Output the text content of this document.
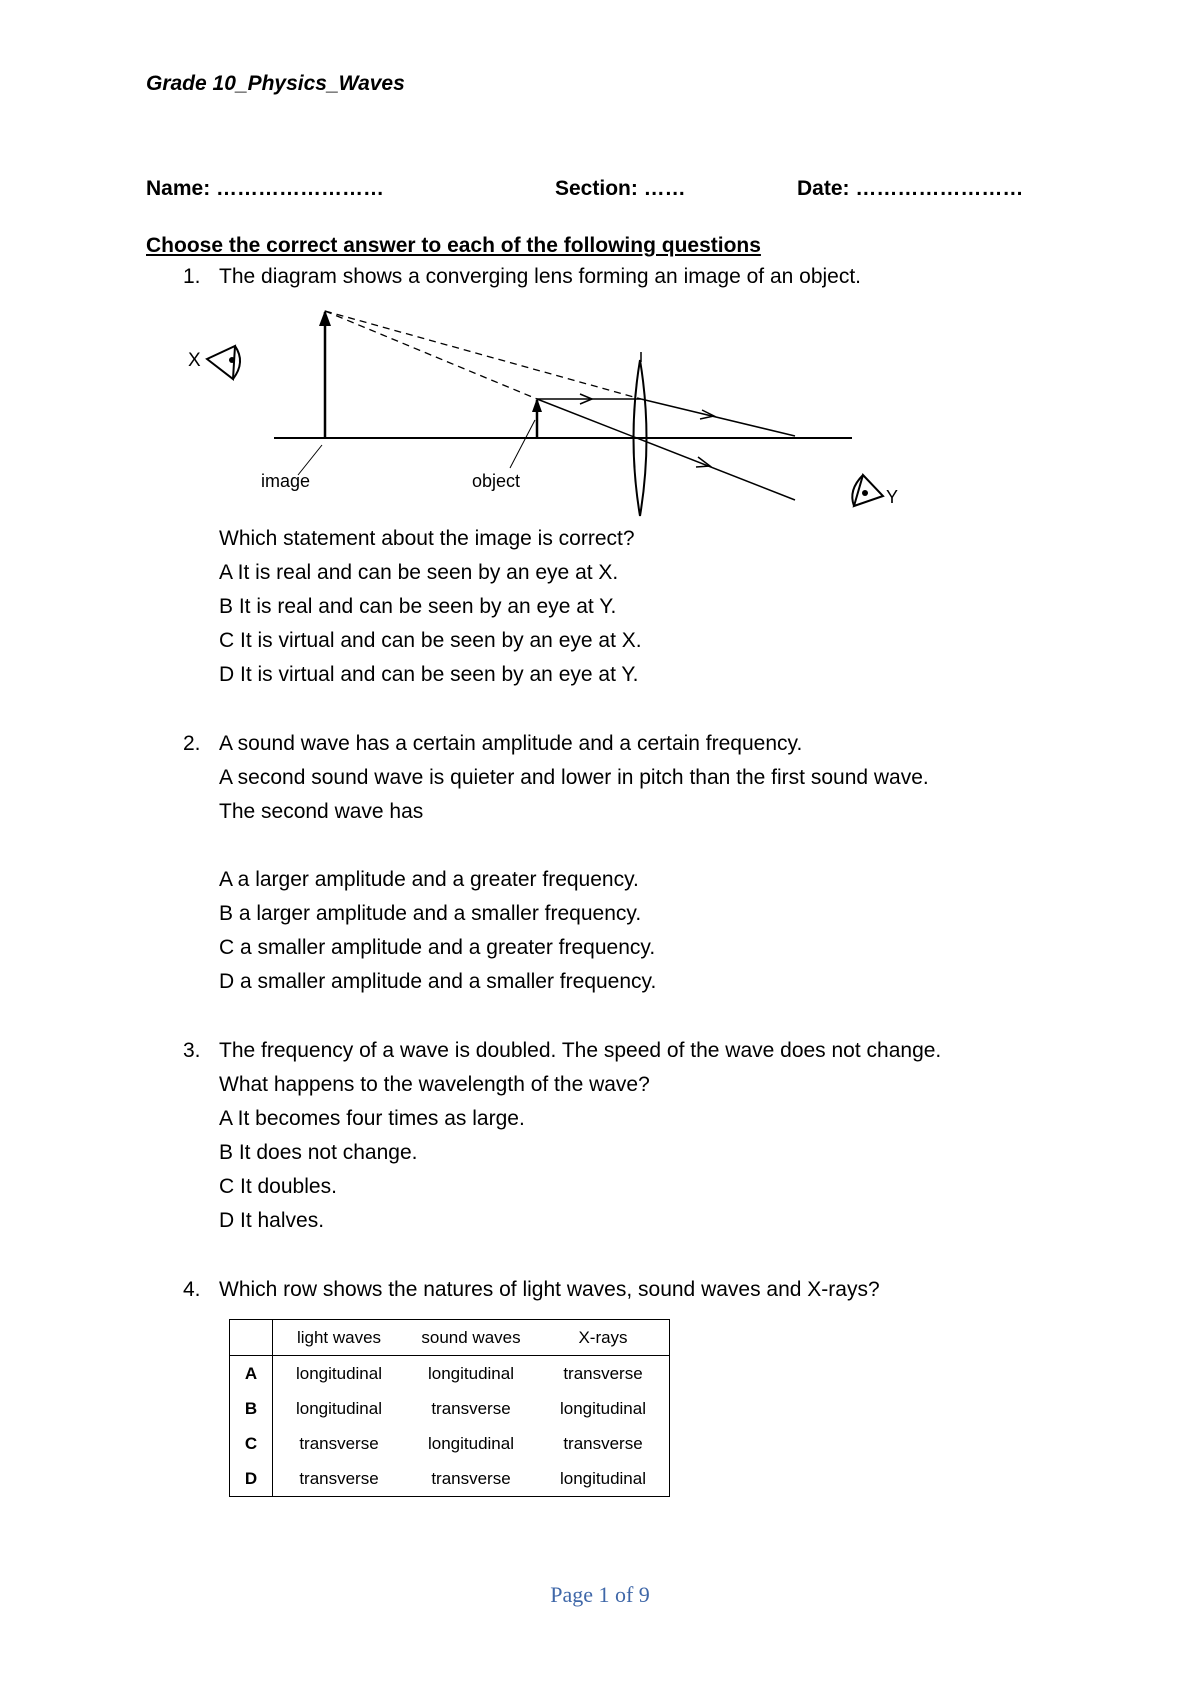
Grade 10_Physics_Waves
Name: ……………………	Section: ……	Date: ……………………
Choose the correct answer to each of the following questions
1. The diagram shows a converging lens forming an image of an object.
image	object
X
Y
Which statement about the image is correct?
A It is real and can be seen by an eye at X.
B It is real and can be seen by an eye at Y.
C It is virtual and can be seen by an eye at X.
D It is virtual and can be seen by an eye at Y.
2. A sound wave has a certain amplitude and a certain frequency.
A second sound wave is quieter and lower in pitch than the first sound wave.
The second wave has
A a larger amplitude and a greater frequency.
B a larger amplitude and a smaller frequency.
C a smaller amplitude and a greater frequency.
D a smaller amplitude and a smaller frequency.
3. The frequency of a wave is doubled. The speed of the wave does not change.
What happens to the wavelength of the wave?
A It becomes four times as large.
B It does not change.
C It doubles.
D It halves.
4. Which row shows the natures of light waves, sound waves and X-rays?
	light waves	sound waves	X-rays
A	longitudinal	longitudinal	transverse
B	longitudinal	transverse	longitudinal
C	transverse	longitudinal	transverse
D	transverse	transverse	longitudinal
Page 1 of 9
